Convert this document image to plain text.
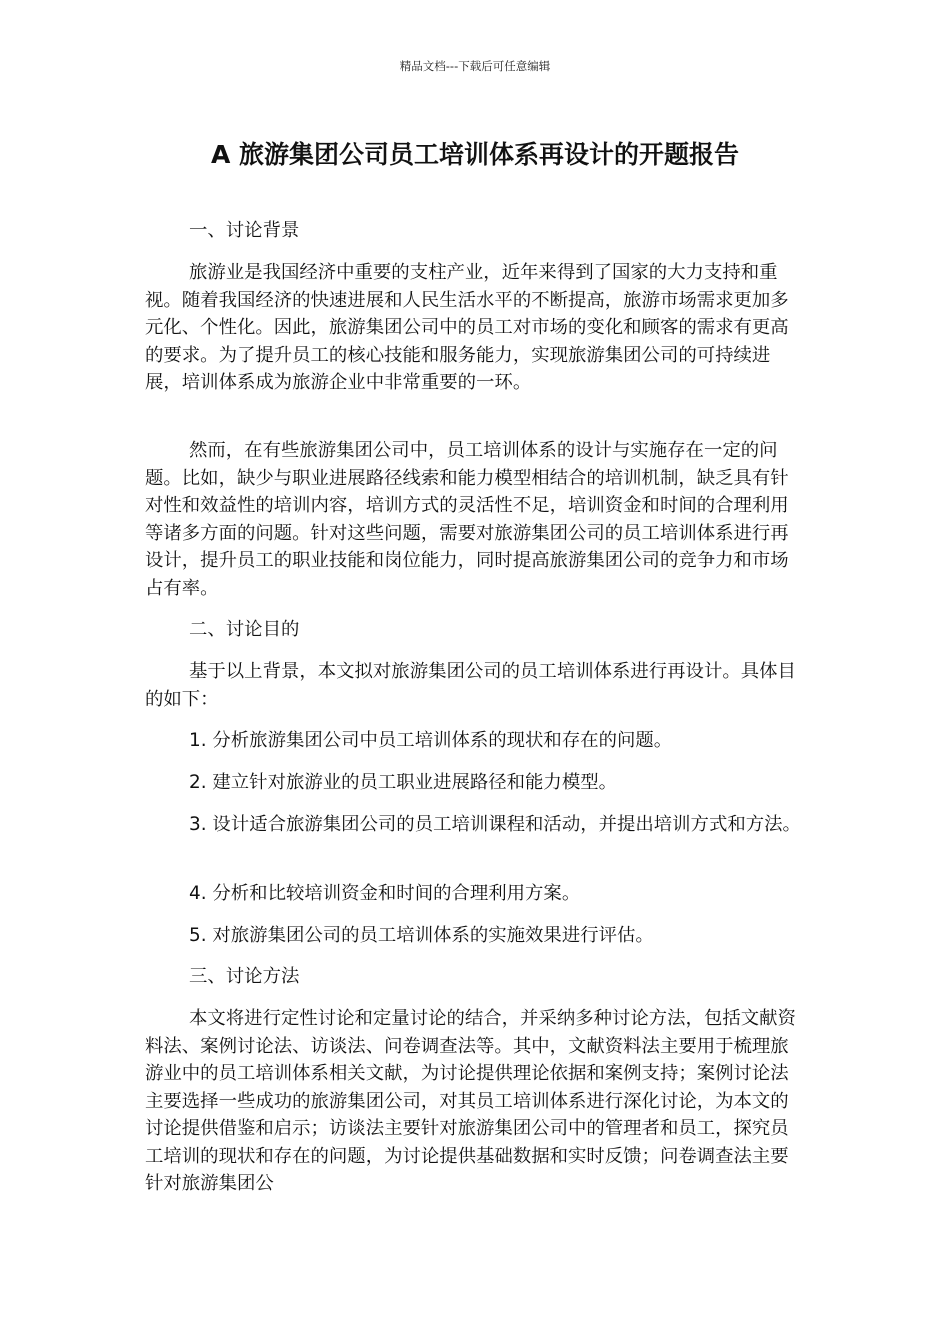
精品文档---下载后可任意编辑
A 旅游集团公司员工培训体系再设计的开题报告

一、讨论背景

旅游业是我国经济中重要的支柱产业，近年来得到了国家的大力支持和重视。随着我国经济的快速进展和人民生活水平的不断提高，旅游市场需求更加多元化、个性化。因此，旅游集团公司中的员工对市场的变化和顾客的需求有更高的要求。为了提升员工的核心技能和服务能力，实现旅游集团公司的可持续进展，培训体系成为旅游企业中非常重要的一环。

然而，在有些旅游集团公司中，员工培训体系的设计与实施存在一定的问题。比如，缺少与职业进展路径线索和能力模型相结合的培训机制，缺乏具有针对性和效益性的培训内容，培训方式的灵活性不足，培训资金和时间的合理利用等诸多方面的问题。针对这些问题，需要对旅游集团公司的员工培训体系进行再设计，提升员工的职业技能和岗位能力，同时提高旅游集团公司的竞争力和市场占有率。

二、讨论目的

基于以上背景，本文拟对旅游集团公司的员工培训体系进行再设计。具体目的如下：

1. 分析旅游集团公司中员工培训体系的现状和存在的问题。

2. 建立针对旅游业的员工职业进展路径和能力模型。

3. 设计适合旅游集团公司的员工培训课程和活动，并提出培训方式和方法。

4. 分析和比较培训资金和时间的合理利用方案。

5. 对旅游集团公司的员工培训体系的实施效果进行评估。

三、讨论方法

本文将进行定性讨论和定量讨论的结合，并采纳多种讨论方法，包括文献资料法、案例讨论法、访谈法、问卷调查法等。其中，文献资料法主要用于梳理旅游业中的员工培训体系相关文献，为讨论提供理论依据和案例支持；案例讨论法主要选择一些成功的旅游集团公司，对其员工培训体系进行深化讨论，为本文的讨论提供借鉴和启示；访谈法主要针对旅游集团公司中的管理者和员工，探究员工培训的现状和存在的问题，为讨论提供基础数据和实时反馈；问卷调查法主要针对旅游集团公
